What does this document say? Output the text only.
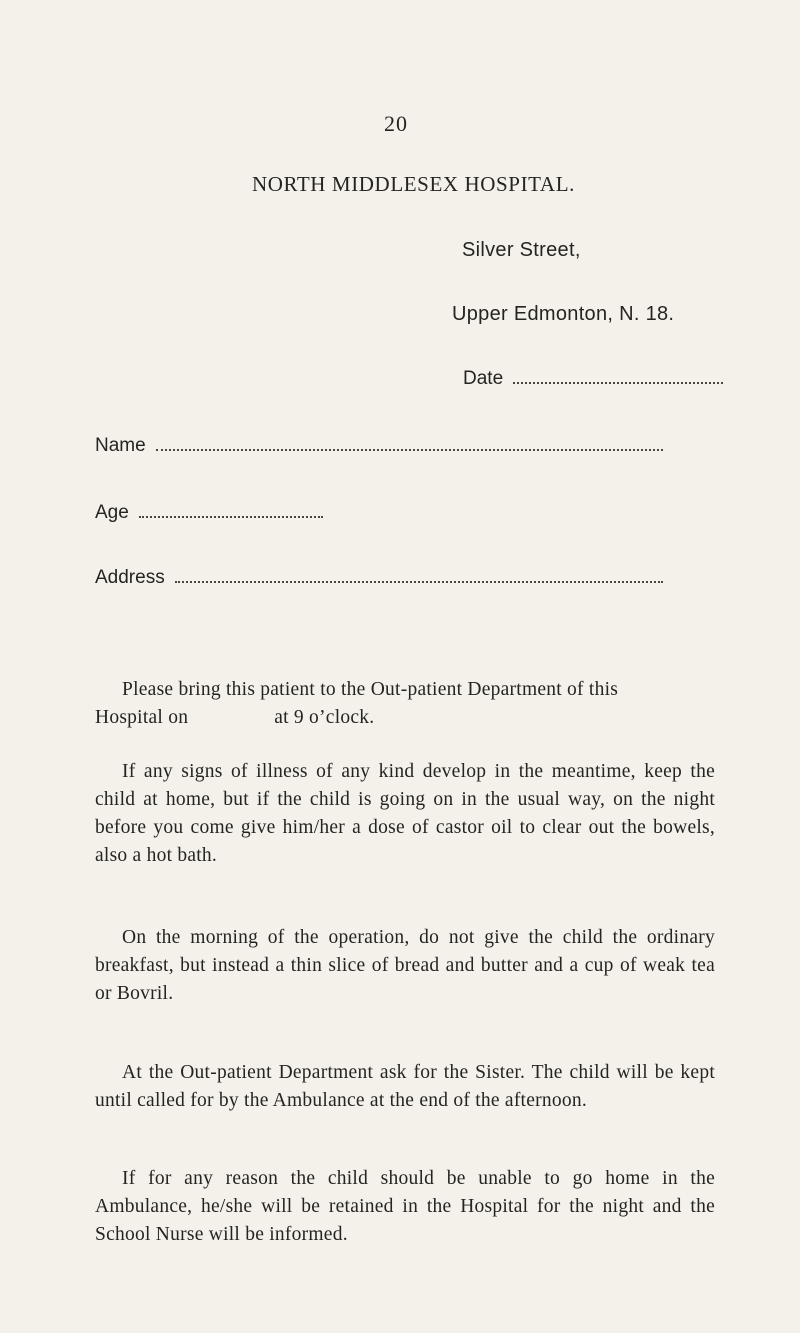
20
NORTH MIDDLESEX HOSPITAL.
Silver Street,
Upper Edmonton, N. 18.
Date
Name
Age
Address
Please bring this patient to the Out-patient Department of this
Hospital on	at 9 o’clock.
If any signs of illness of any kind develop in the meantime, keep the child at home, but if the child is going on in the usual way, on the night before you come give him/her a dose of castor oil to clear out the bowels, also a hot bath.
On the morning of the operation, do not give the child the ordinary breakfast, but instead a thin slice of bread and butter and a cup of weak tea or Bovril.
At the Out-patient Department ask for the Sister. The child will be kept until called for by the Ambulance at the end of the afternoon.
If for any reason the child should be unable to go home in the Ambulance, he/she will be retained in the Hospital for the night and the School Nurse will be informed.
